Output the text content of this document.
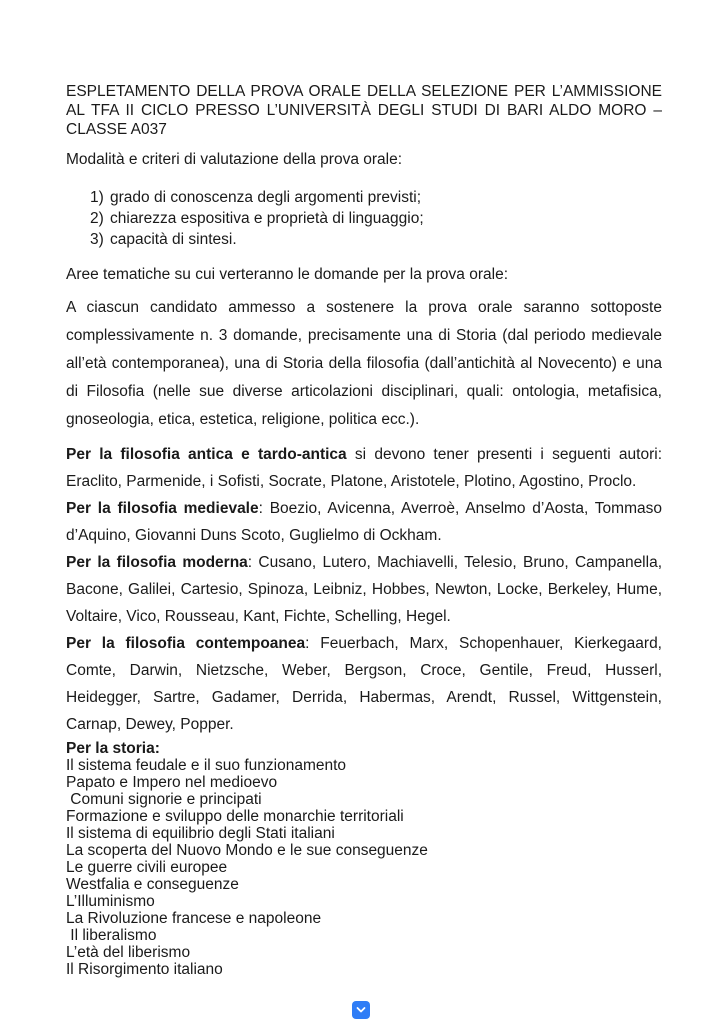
ESPLETAMENTO DELLA PROVA ORALE DELLA SELEZIONE PER L’AMMISSIONE AL TFA II CICLO PRESSO L’UNIVERSITÀ DEGLI STUDI DI BARI ALDO MORO – CLASSE A037

Modalità e criteri di valutazione della prova orale:
1) grado di conoscenza degli argomenti previsti;
2) chiarezza espositiva e proprietà di linguaggio;
3) capacità di sintesi.
Aree tematiche su cui verteranno le domande per la prova orale:

A ciascun candidato ammesso a sostenere la prova orale saranno sottoposte complessivamente n. 3 domande, precisamente una di Storia (dal periodo medievale all’età contemporanea), una di Storia della filosofia (dall’antichità al Novecento) e una di Filosofia (nelle sue diverse articolazioni disciplinari, quali: ontologia, metafisica, gnoseologia, etica, estetica, religione, politica ecc.).

Per la filosofia antica e tardo-antica si devono tener presenti i seguenti autori: Eraclito, Parmenide, i Sofisti, Socrate, Platone, Aristotele, Plotino, Agostino, Proclo.

Per la filosofia medievale: Boezio, Avicenna, Averroè, Anselmo d’Aosta, Tommaso d’Aquino, Giovanni Duns Scoto, Guglielmo di Ockham.

Per la filosofia moderna: Cusano, Lutero, Machiavelli, Telesio, Bruno, Campanella, Bacone, Galilei, Cartesio, Spinoza, Leibniz, Hobbes, Newton, Locke, Berkeley, Hume, Voltaire, Vico, Rousseau, Kant, Fichte, Schelling, Hegel.

Per la filosofia contempoanea: Feuerbach, Marx, Schopenhauer, Kierkegaard, Comte, Darwin, Nietzsche, Weber, Bergson, Croce, Gentile, Freud, Husserl, Heidegger, Sartre, Gadamer, Derrida, Habermas, Arendt, Russel, Wittgenstein, Carnap, Dewey, Popper.

Per la storia:
Il sistema feudale e il suo funzionamento
Papato e Impero nel medioevo
Comuni signorie e principati
Formazione e sviluppo delle monarchie territoriali
Il sistema di equilibrio degli Stati italiani
La scoperta del Nuovo Mondo e le sue conseguenze
Le guerre civili europee
Westfalia e conseguenze
L’Illuminismo
La Rivoluzione francese e napoleone
Il liberalismo
L’età del liberismo
Il Risorgimento italiano
